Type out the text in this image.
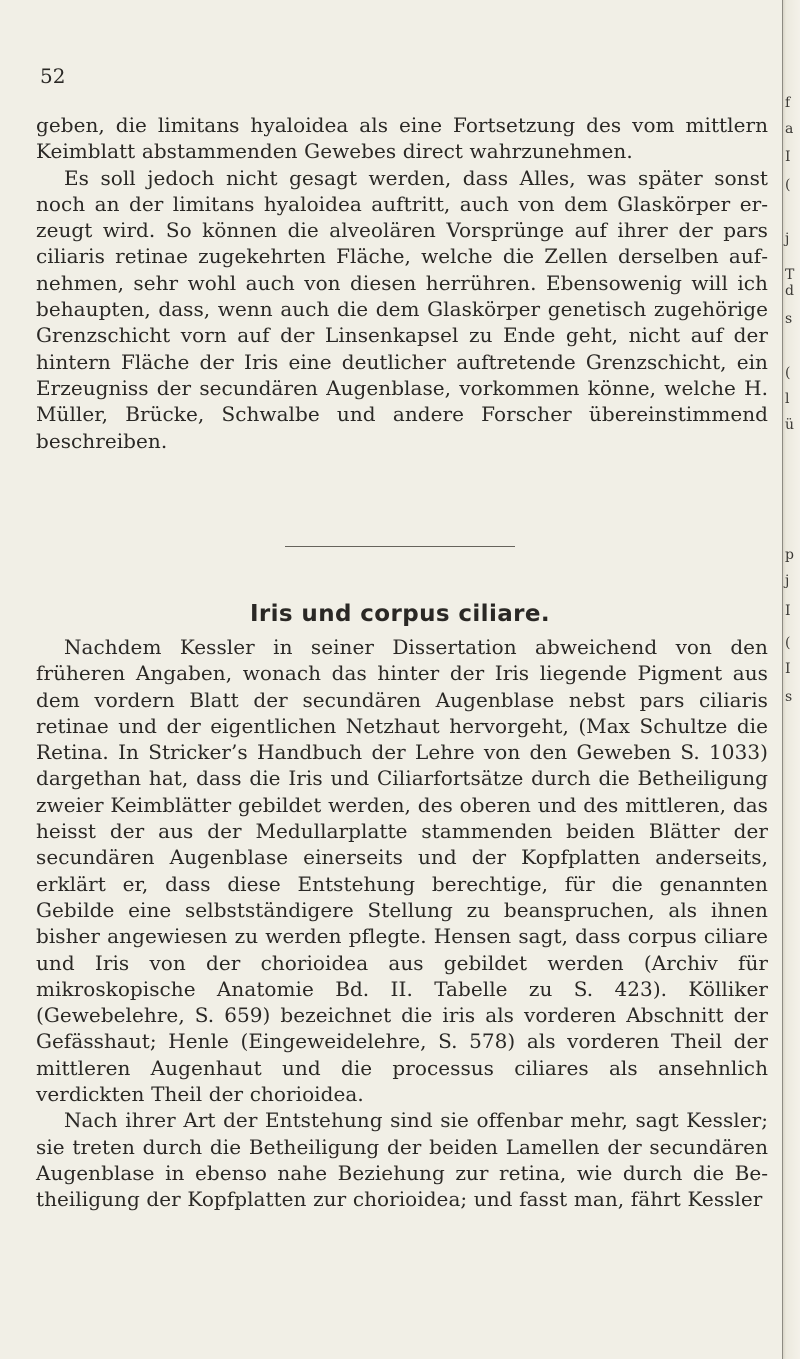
52

geben, die limitans hyaloidea als eine Fortsetzung des vom mittlern Keimblatt abstammenden Gewebes direct wahrzunehmen.

Es soll jedoch nicht gesagt werden, dass Alles, was später sonst noch an der limitans hyaloidea auftritt, auch von dem Glaskörper erzeugt wird. So können die alveolären Vorsprünge auf ihrer der pars ciliaris retinae zugekehrten Fläche, welche die Zellen derselben aufnehmen, sehr wohl auch von diesen herrühren. Ebensowenig will ich behaupten, dass, wenn auch die dem Glaskörper genetisch zugehörige Grenzschicht vorn auf der Linsenkapsel zu Ende geht, nicht auf der hintern Fläche der Iris eine deutlicher auftretende Grenzschicht, ein Erzeugniss der secundären Augenblase, vorkommen könne, welche H. Müller, Brücke, Schwalbe und andere Forscher übereinstimmend beschreiben.

Iris und corpus ciliare.

Nachdem Kessler in seiner Dissertation abweichend von den früheren Angaben, wonach das hinter der Iris liegende Pigment aus dem vordern Blatt der secundären Augenblase nebst pars ciliaris retinae und der eigentlichen Netzhaut hervorgeht, (Max Schultze die Retina. In Stricker’s Handbuch der Lehre von den Geweben S. 1033) dargethan hat, dass die Iris und Ciliarfortsätze durch die Betheiligung zweier Keimblätter gebildet werden, des oberen und des mittleren, das heisst der aus der Medullarplatte stammenden beiden Blätter der secundären Augenblase einerseits und der Kopfplatten anderseits, erklärt er, dass diese Entstehung berechtige, für die genannten Gebilde eine selbstständigere Stellung zu beanspruchen, als ihnen bisher angewiesen zu werden pflegte. Hensen sagt, dass corpus ciliare und Iris von der chorioidea aus gebildet werden (Archiv für mikroskopische Anatomie Bd. II. Tabelle zu S. 423). Kölliker (Gewebelehre, S. 659) bezeichnet die iris als vorderen Abschnitt der Gefässhaut; Henle (Eingeweidelehre, S. 578) als vorderen Theil der mittleren Augenhaut und die processus ciliares als ansehnlich verdickten Theil der chorioidea.

Nach ihrer Art der Entstehung sind sie offenbar mehr, sagt Kessler; sie treten durch die Betheiligung der beiden Lamellen der secundären Augenblase in ebenso nahe Beziehung zur retina, wie durch die Betheiligung der Kopfplatten zur chorioidea; und fasst man, fährt Kessler

f
a
I
(
j
T
d
s
(
l
ü
p
j
I
(
I
s
